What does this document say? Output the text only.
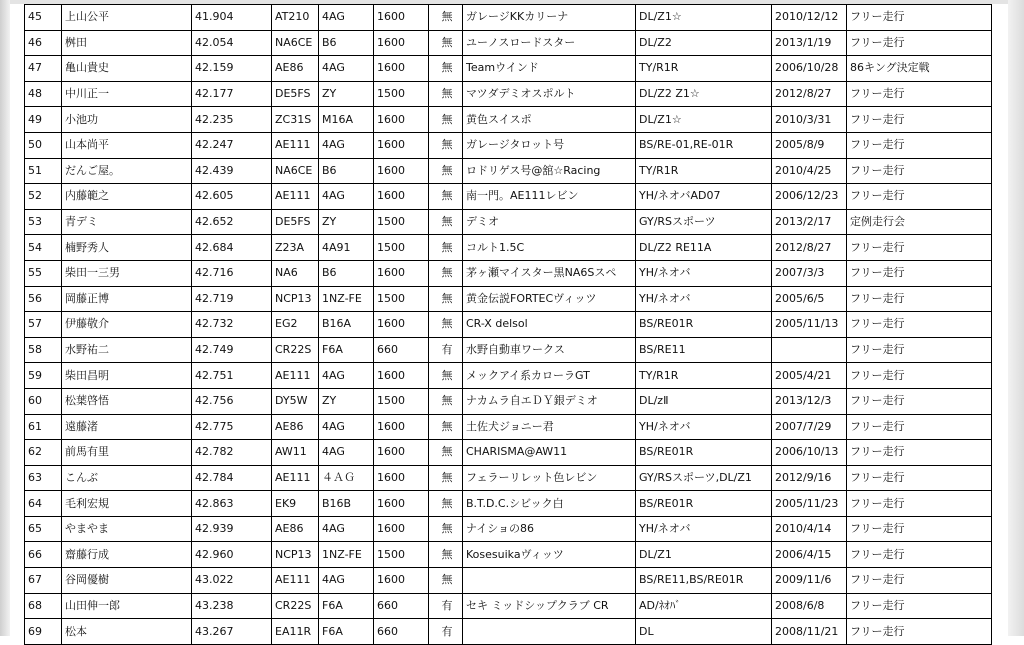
45	上山公平	41.904	AT210	4AG	1600	無	ガレージKKカリーナ	DL/Z1☆	2010/12/12	フリー走行
46	桝田	42.054	NA6CE	B6	1600	無	ユーノスロードスター	DL/Z2	2013/1/19	フリー走行
47	亀山貴史	42.159	AE86	4AG	1600	無	Teamウインド	TY/R1R	2006/10/28	86キング決定戦
48	中川正一	42.177	DE5FS	ZY	1500	無	マツダデミオスポルト	DL/Z2 Z1☆	2012/8/27	フリー走行
49	小池功	42.235	ZC31S	M16A	1600	無	黄色スイスポ	DL/Z1☆	2010/3/31	フリー走行
50	山本尚平	42.247	AE111	4AG	1600	無	ガレージタロット号	BS/RE-01,RE-01R	2005/8/9	フリー走行
51	だんご屋。	42.439	NA6CE	B6	1600	無	ロドリゲス号@舘☆Racing	TY/R1R	2010/4/25	フリー走行
52	内藤範之	42.605	AE111	4AG	1600	無	南一門。AE111レビン	YH/ネオバAD07	2006/12/23	フリー走行
53	青デミ	42.652	DE5FS	ZY	1500	無	デミオ	GY/RSスポーツ	2013/2/17	定例走行会
54	楠野秀人	42.684	Z23A	4A91	1500	無	コルト1.5C	DL/Z2 RE11A	2012/8/27	フリー走行
55	柴田一三男	42.716	NA6	B6	1600	無	茅ヶ瀬マイスター黒NA6Sスペ	YH/ネオバ	2007/3/3	フリー走行
56	岡藤正博	42.719	NCP13	1NZ-FE	1500	無	黄金伝説FORTECヴィッツ	YH/ネオバ	2005/6/5	フリー走行
57	伊藤敬介	42.732	EG2	B16A	1600	無	CR-X delsol	BS/RE01R	2005/11/13	フリー走行
58	水野祐二	42.749	CR22S	F6A	660	有	水野自動車ワークス	BS/RE11		フリー走行
59	柴田昌明	42.751	AE111	4AG	1600	無	メックアイ系カローラGT	TY/R1R	2005/4/21	フリー走行
60	松葉啓悟	42.756	DY5W	ZY	1500	無	ナカムラ自エＤＹ銀デミオ	DL/zⅡ	2013/12/3	フリー走行
61	遠藤渚	42.775	AE86	4AG	1600	無	土佐犬ジョニー君	YH/ネオバ	2007/7/29	フリー走行
62	前馬有里	42.782	AW11	4AG	1600	無	CHARISMA@AW11	BS/RE01R	2006/10/13	フリー走行
63	こんぶ	42.784	AE111	４ＡＧ	1600	無	フェラーリレット色レビン	GY/RSスポーツ,DL/Z1	2012/9/16	フリー走行
64	毛利宏規	42.863	EK9	B16B	1600	無	B.T.D.C.シビック白	BS/RE01R	2005/11/23	フリー走行
65	やまやま	42.939	AE86	4AG	1600	無	ナイショの86	YH/ネオバ	2010/4/14	フリー走行
66	齋藤行成	42.960	NCP13	1NZ-FE	1500	無	Kosesuikaヴィッツ	DL/Z1	2006/4/15	フリー走行
67	谷岡優樹	43.022	AE111	4AG	1600	無		BS/RE11,BS/RE01R	2009/11/6	フリー走行
68	山田伸一郎	43.238	CR22S	F6A	660	有	セキ ミッドシップクラブ CR	AD/ﾈｵﾊﾞ	2008/6/8	フリー走行
69	松本	43.267	EA11R	F6A	660	有		DL	2008/11/21	フリー走行
